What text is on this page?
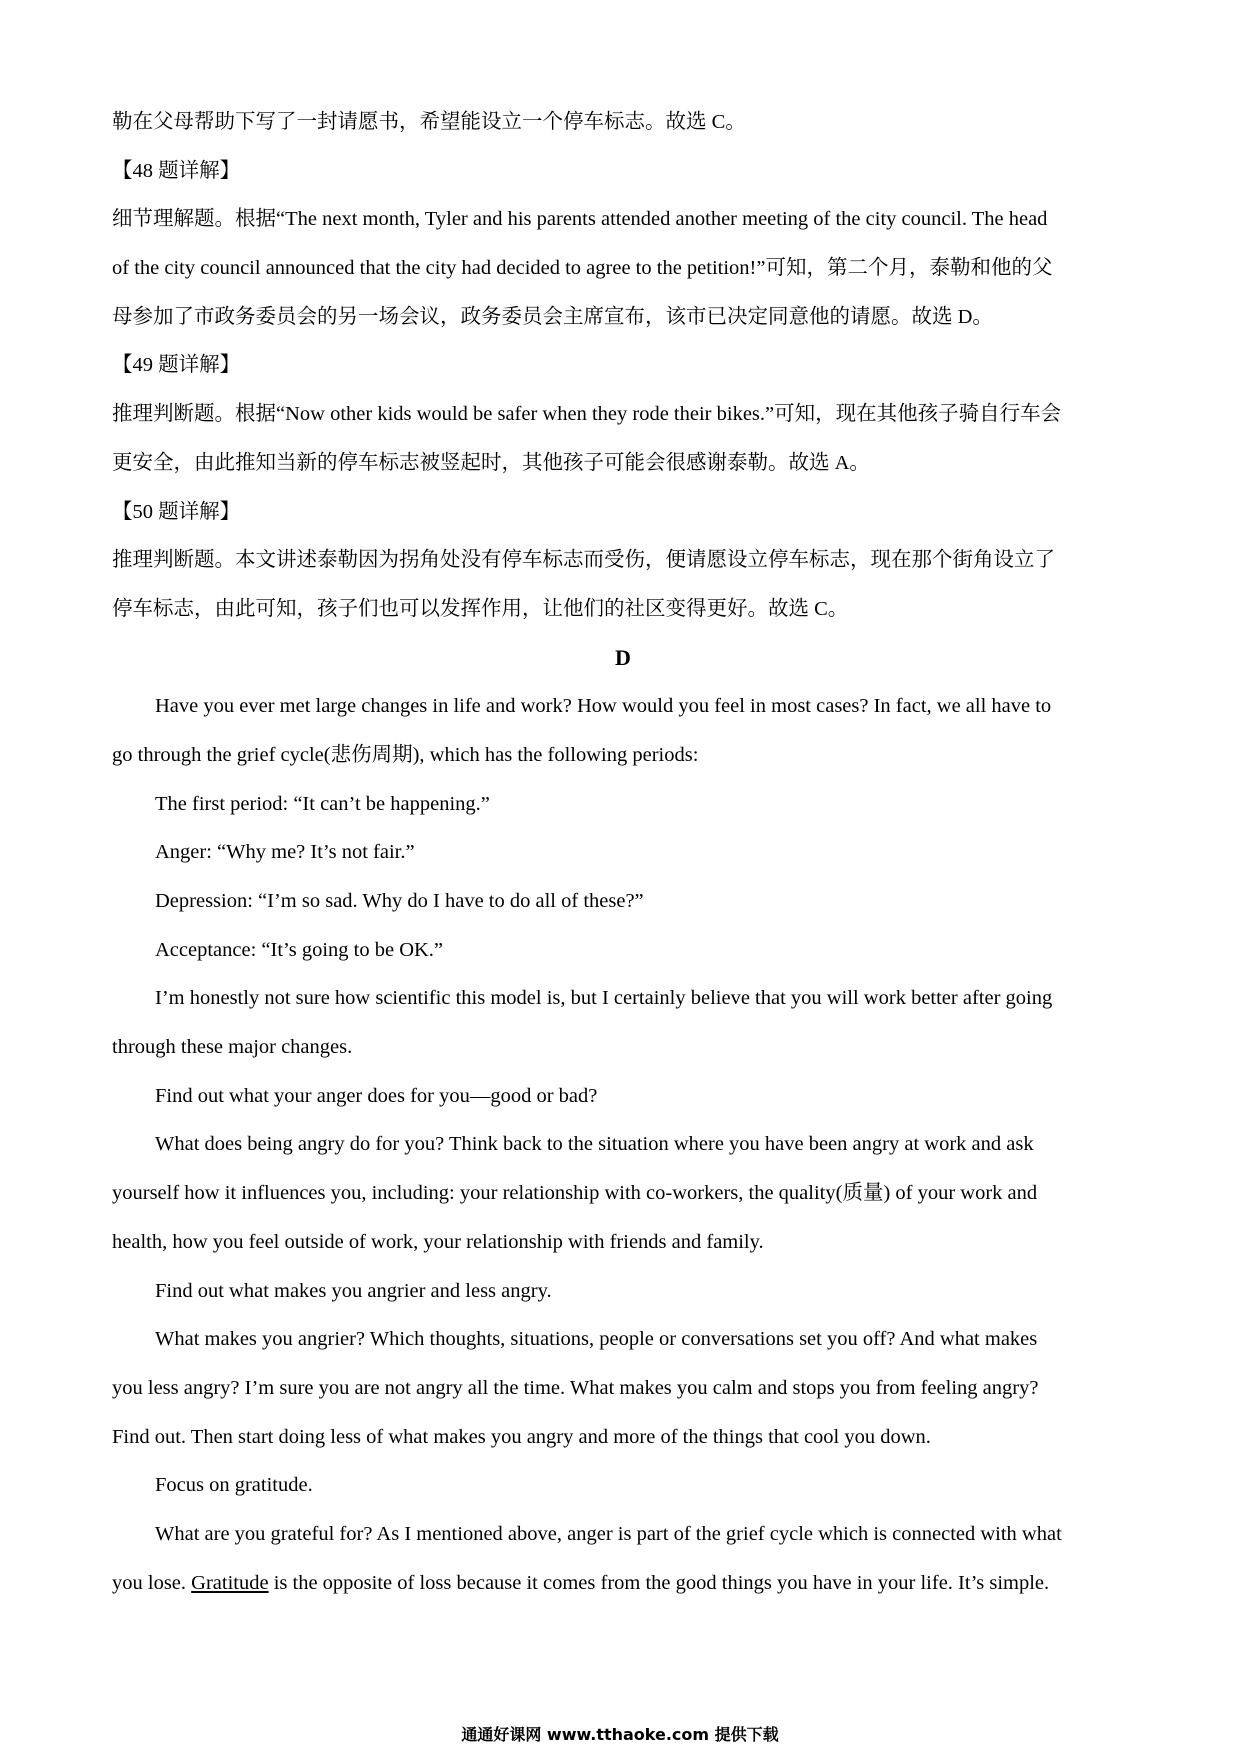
勒在父母帮助下写了一封请愿书，希望能设立一个停车标志。故选 C。
【48 题详解】
细节理解题。根据“The next month, Tyler and his parents attended another meeting of the city council. The head
of the city council announced that the city had decided to agree to the petition!”可知，第二个月，泰勒和他的父
母参加了市政务委员会的另一场会议，政务委员会主席宣布，该市已决定同意他的请愿。故选 D。
【49 题详解】
推理判断题。根据“Now other kids would be safer when they rode their bikes.”可知，现在其他孩子骑自行车会
更安全，由此推知当新的停车标志被竖起时，其他孩子可能会很感谢泰勒。故选 A。
【50 题详解】
推理判断题。本文讲述泰勒因为拐角处没有停车标志而受伤，便请愿设立停车标志，现在那个街角设立了
停车标志，由此可知，孩子们也可以发挥作用，让他们的社区变得更好。故选 C。
D
Have you ever met large changes in life and work? How would you feel in most cases? In fact, we all have to
go through the grief cycle(悲伤周期), which has the following periods:
The first period: “It can’t be happening.”
Anger: “Why me? It’s not fair.”
Depression: “I’m so sad. Why do I have to do all of these?”
Acceptance: “It’s going to be OK.”
I’m honestly not sure how scientific this model is, but I certainly believe that you will work better after going
through these major changes.
Find out what your anger does for you—good or bad?
What does being angry do for you? Think back to the situation where you have been angry at work and ask
yourself how it influences you, including: your relationship with co-workers, the quality(质量) of your work and
health, how you feel outside of work, your relationship with friends and family.
Find out what makes you angrier and less angry.
What makes you angrier? Which thoughts, situations, people or conversations set you off? And what makes
you less angry? I’m sure you are not angry all the time. What makes you calm and stops you from feeling angry?
Find out. Then start doing less of what makes you angry and more of the things that cool you down.
Focus on gratitude.
What are you grateful for? As I mentioned above, anger is part of the grief cycle which is connected with what
you lose. Gratitude is the opposite of loss because it comes from the good things you have in your life. It’s simple.
通通好课网 www.tthaoke.com 提供下载
